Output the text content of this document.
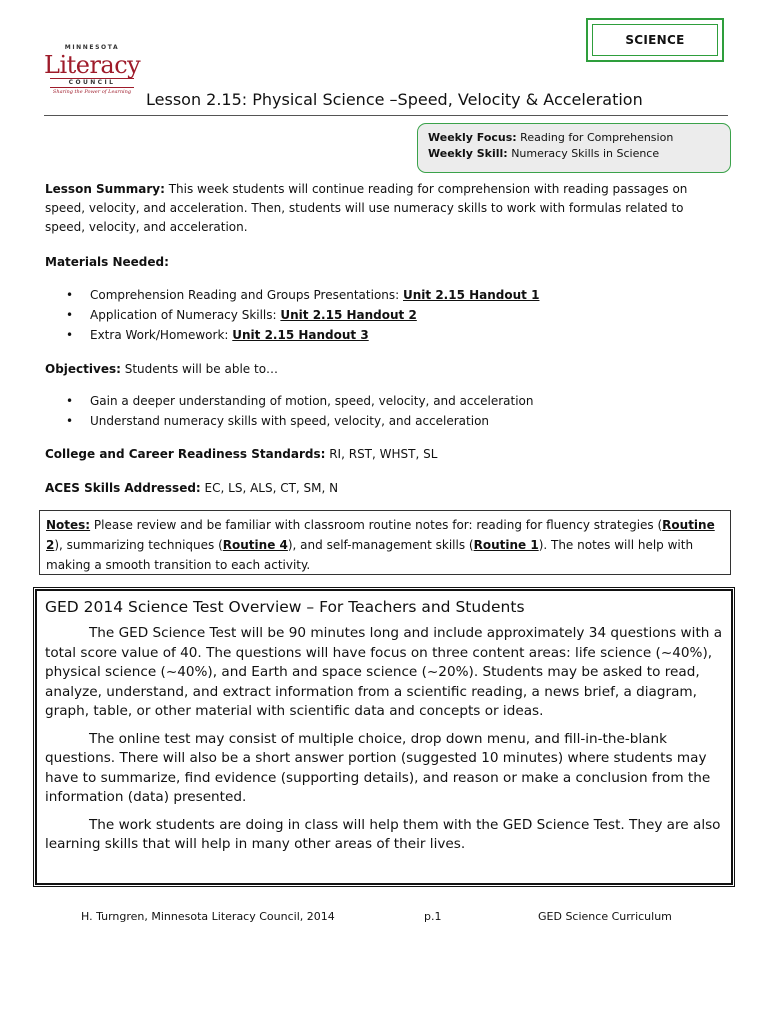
SCIENCE
MINNESOTA
Literacy
COUNCIL
Sharing the Power of Learning Lesson 2.15: Physical Science –Speed, Velocity & Acceleration
Weekly Focus: Reading for Comprehension
Weekly Skill: Numeracy Skills in Science
Lesson Summary: This week students will continue reading for comprehension with reading passages on speed, velocity, and acceleration. Then, students will use numeracy skills to work with formulas related to speed, velocity, and acceleration.
Materials Needed:
• Comprehension Reading and Groups Presentations: Unit 2.15 Handout 1
• Application of Numeracy Skills: Unit 2.15 Handout 2
• Extra Work/Homework: Unit 2.15 Handout 3
Objectives: Students will be able to…
• Gain a deeper understanding of motion, speed, velocity, and acceleration
• Understand numeracy skills with speed, velocity, and acceleration
College and Career Readiness Standards: RI, RST, WHST, SL
ACES Skills Addressed: EC, LS, ALS, CT, SM, N
Notes: Please review and be familiar with classroom routine notes for: reading for fluency strategies (Routine 2), summarizing techniques (Routine 4), and self-management skills (Routine 1). The notes will help with making a smooth transition to each activity.
GED 2014 Science Test Overview – For Teachers and Students

The GED Science Test will be 90 minutes long and include approximately 34 questions with a total score value of 40. The questions will have focus on three content areas: life science (~40%), physical science (~40%), and Earth and space science (~20%). Students may be asked to read, analyze, understand, and extract information from a scientific reading, a news brief, a diagram, graph, table, or other material with scientific data and concepts or ideas.

The online test may consist of multiple choice, drop down menu, and fill-in-the-blank questions. There will also be a short answer portion (suggested 10 minutes) where students may have to summarize, find evidence (supporting details), and reason or make a conclusion from the information (data) presented.

The work students are doing in class will help them with the GED Science Test. They are also learning skills that will help in many other areas of their lives.

H. Turngren, Minnesota Literacy Council, 2014	p.1	GED Science Curriculum
